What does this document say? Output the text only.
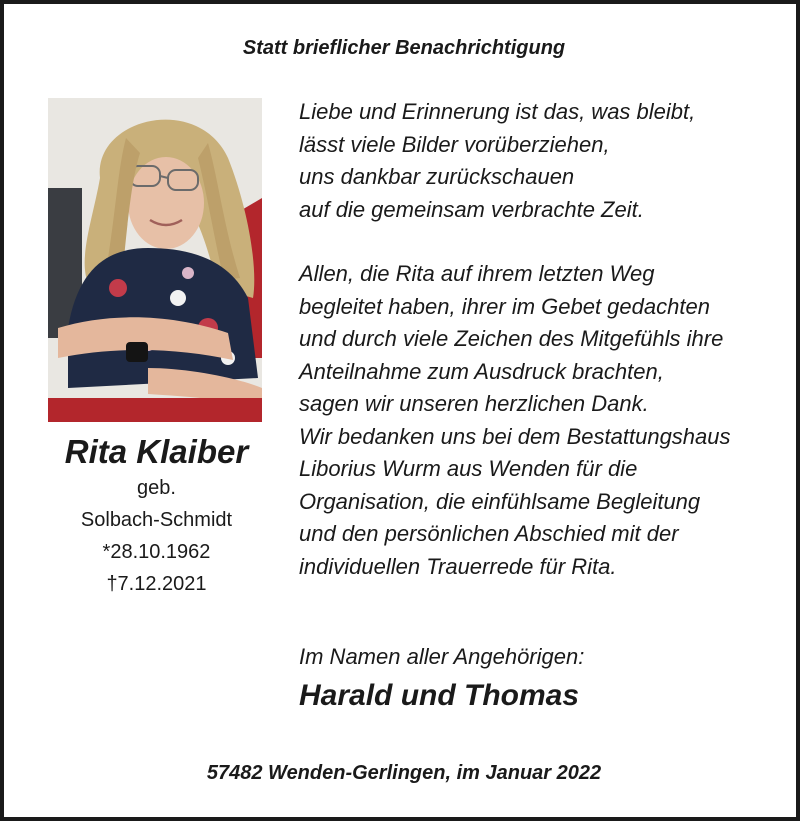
Statt brieflicher Benachrichtigung
Rita Klaiber
geb.
Solbach-Schmidt
*28.10.1962
†7.12.2021

Liebe und Erinnerung ist das, was bleibt,

lässt viele Bilder vorüberziehen,

uns dankbar zurückschauen

auf die gemeinsam verbrachte Zeit.

Allen, die Rita auf ihrem letzten Weg

begleitet haben, ihrer im Gebet gedachten

und durch viele Zeichen des Mitgefühls ihre

Anteilnahme zum Ausdruck brachten,

sagen wir unseren herzlichen Dank.

Wir bedanken uns bei dem Bestattungshaus

Liborius Wurm aus Wenden für die

Organisation, die einfühlsame Begleitung

und den persönlichen Abschied mit der

individuellen Trauerrede für Rita.

Im Namen aller Angehörigen:
Harald und Thomas
57482 Wenden-Gerlingen, im Januar 2022
